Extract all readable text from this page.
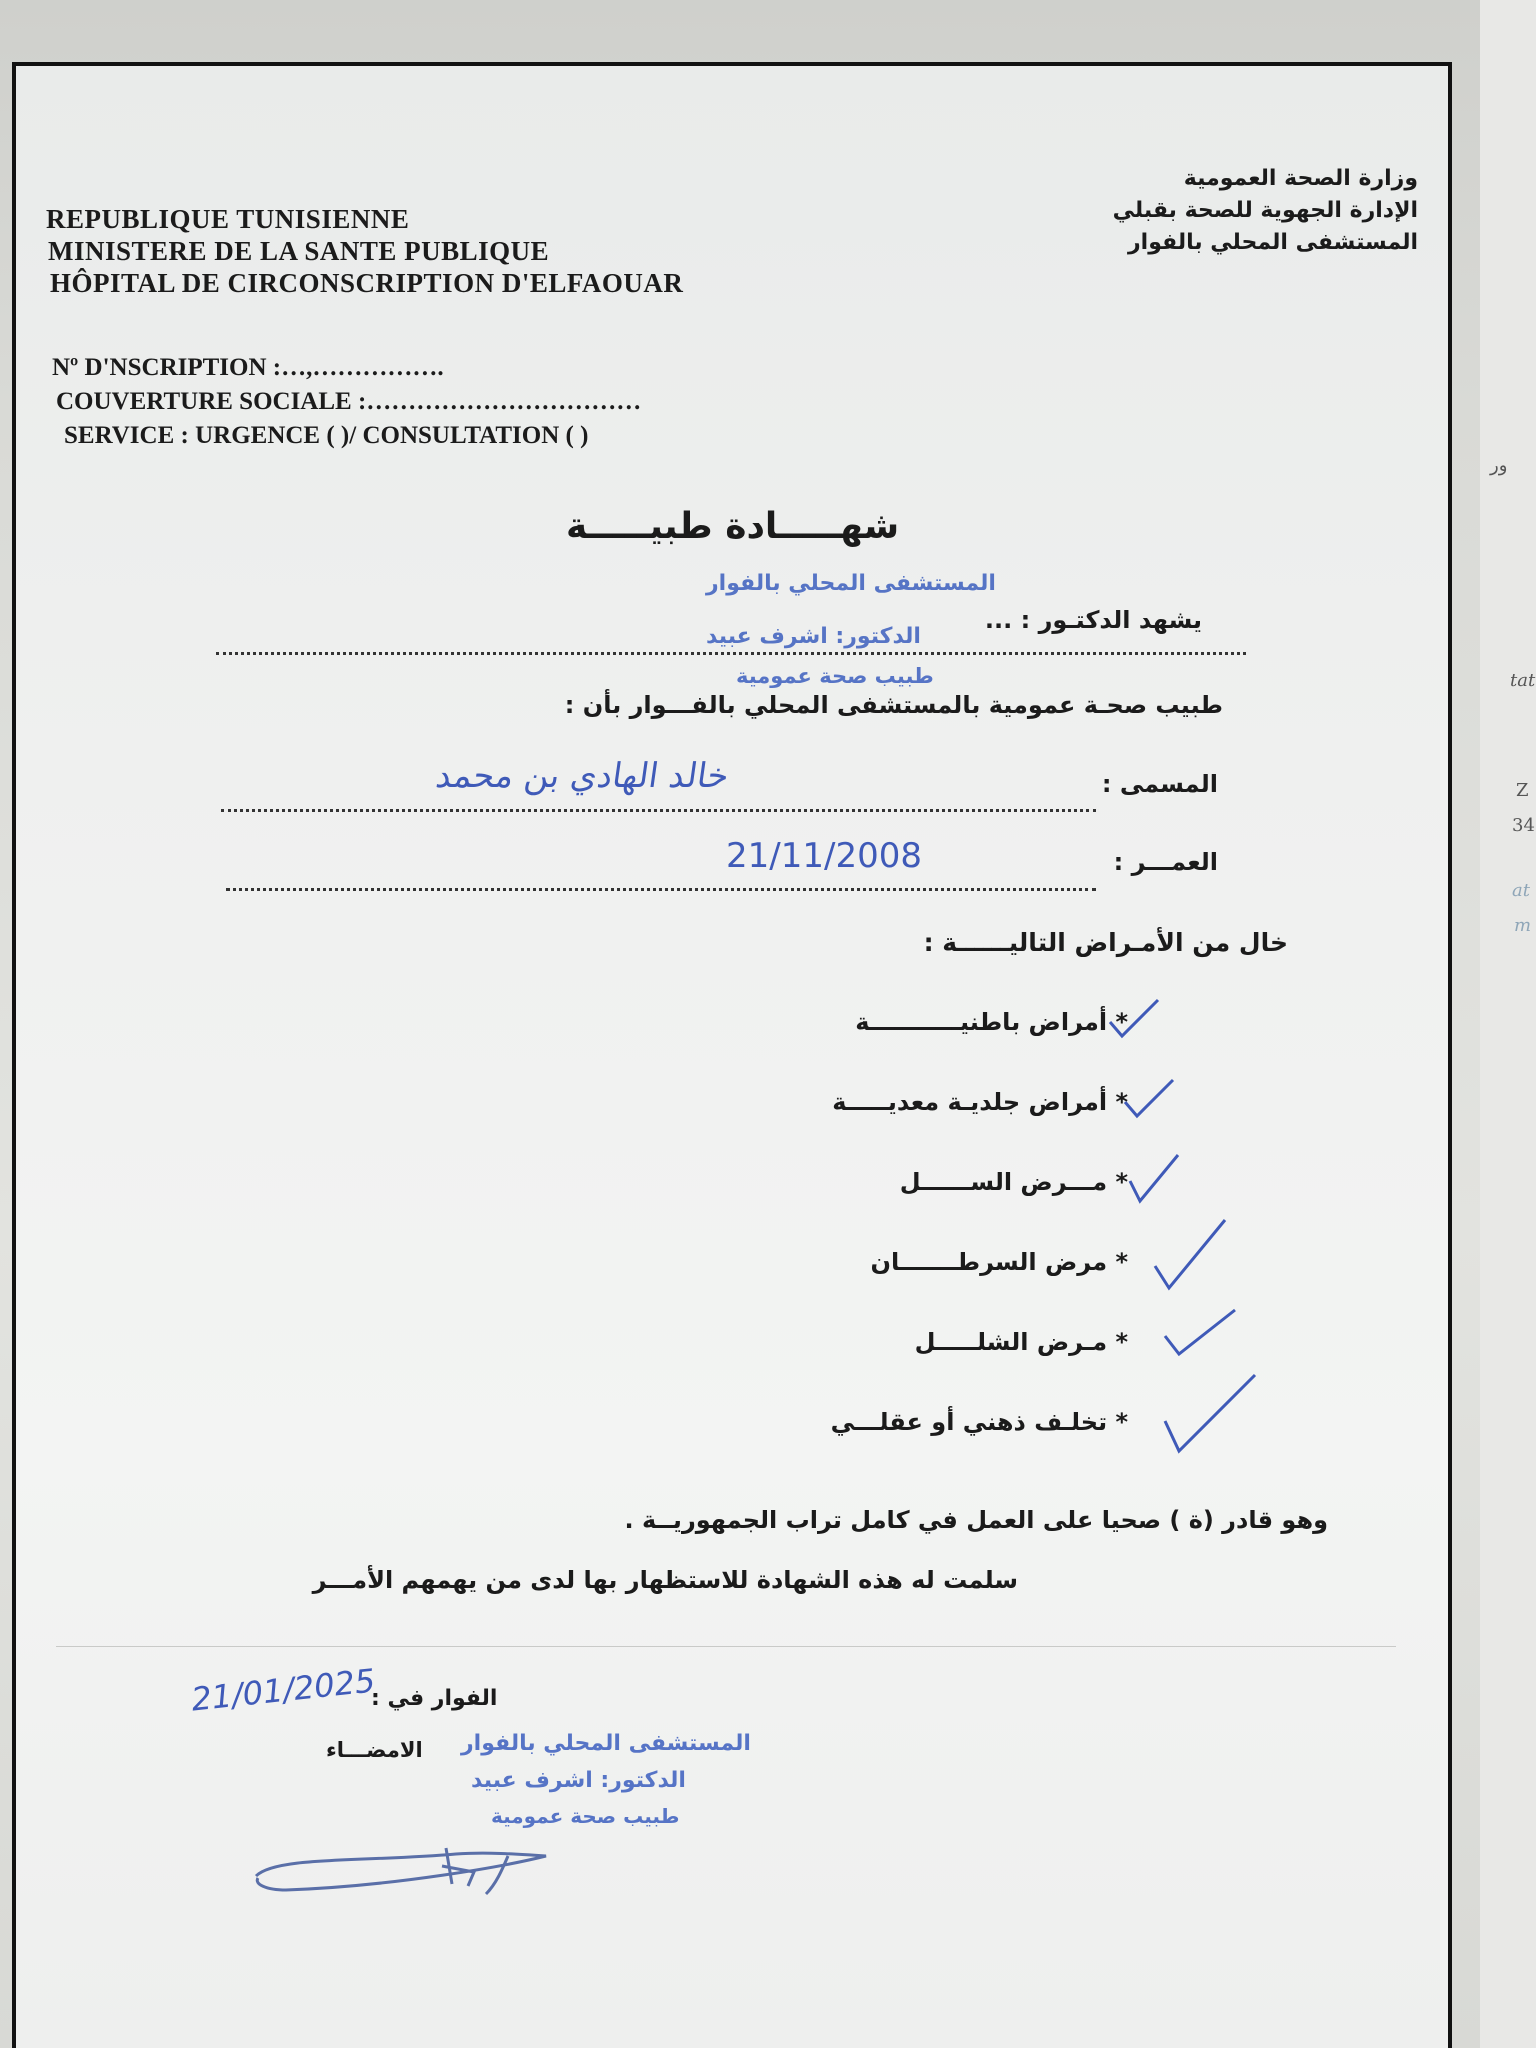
ور
tat
Z
34
at
m
REPUBLIQUE TUNISIENNE
MINISTERE DE LA SANTE PUBLIQUE
HÔPITAL DE CIRCONSCRIPTION D'ELFAOUAR
وزارة الصحة العمومية
الإدارة الجهوية للصحة بقبلي
المستشفى المحلي بالفوار
Nº D'NSCRIPTION :…,…………….
COUVERTURE SOCIALE :……………………………
SERVICE : URGENCE ( )/ CONSULTATION ( )
شهـــــادة طبيـــــة
المستشفى المحلي بالفوار
طبيب صحة عمومية
يشهد الدكتـور : ...
الدكتور: اشرف عبيد
طبيب صحـة عمومية بالمستشفى المحلي بالفـــوار بأن :
المسمى :
خالد الهادي بن محمد
العمـــر :
21/11/2008
خال من الأمـراض التاليــــــة :
* أمراض باطنيـــــــــــة
* أمراض جلديـة معديـــــة
* مـــرض الســــــل
* مرض السرطـــــــان
* مـرض الشلـــــل
* تخلـف ذهني أو عقلـــي
وهو قادر (ة ) صحيا على العمل في كامل تراب الجمهوريــة .
سلمت له هذه الشهادة للاستظهار بها لدى من يهمهم الأمـــر
الفوار في :
21/01/2025
الامضـــاء المستشفى المحلي بالفوار
الدكتور: اشرف عبيد
طبيب صحة عمومية
